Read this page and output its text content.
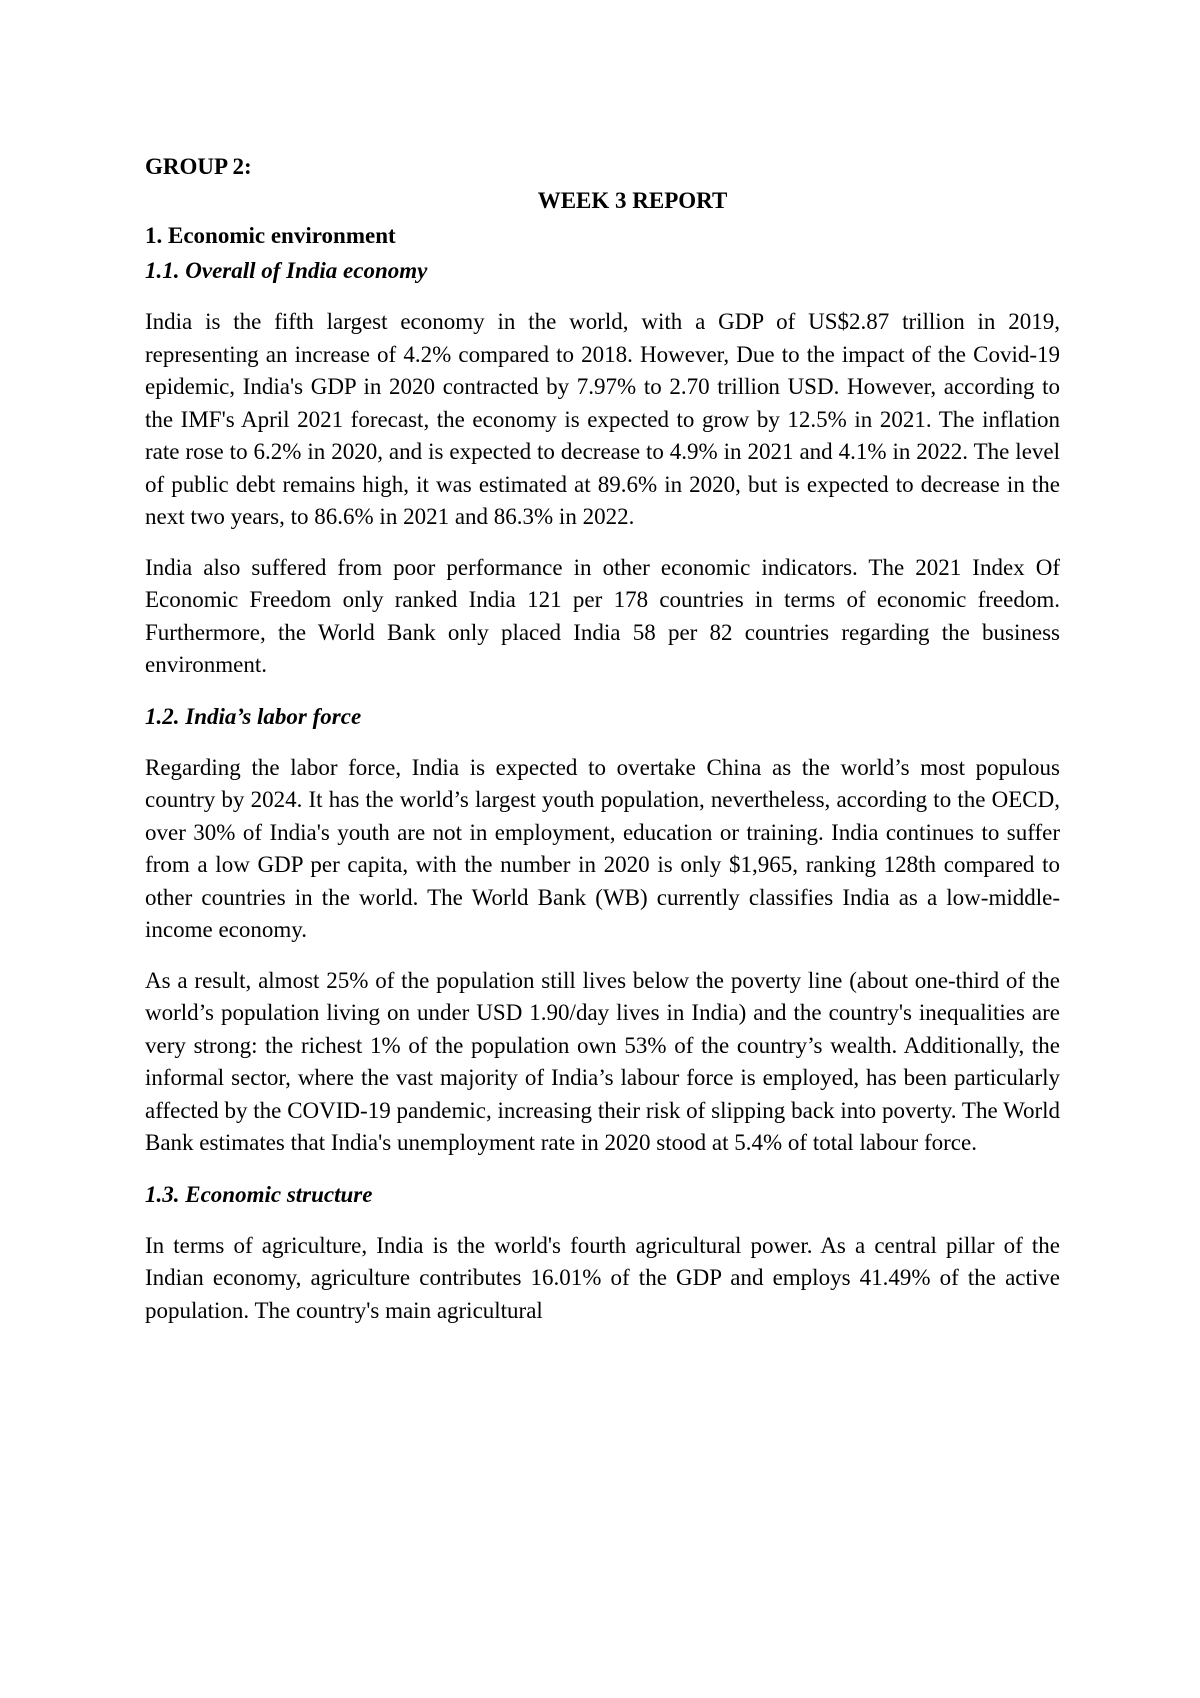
GROUP 2:

WEEK 3 REPORT

1. Economic environment

1.1. Overall of India economy

India is the fifth largest economy in the world, with a GDP of US$2.87 trillion in 2019, representing an increase of 4.2% compared to 2018. However, Due to the impact of the Covid-19 epidemic, India's GDP in 2020 contracted by 7.97% to 2.70 trillion USD. However, according to the IMF's April 2021 forecast, the economy is expected to grow by 12.5% in 2021. The inflation rate rose to 6.2% in 2020, and is expected to decrease to 4.9% in 2021 and 4.1% in 2022. The level of public debt remains high, it was estimated at 89.6% in 2020, but is expected to decrease in the next two years, to 86.6% in 2021 and 86.3% in 2022.

India also suffered from poor performance in other economic indicators. The 2021 Index Of Economic Freedom only ranked India 121 per 178 countries in terms of economic freedom. Furthermore, the World Bank only placed India 58 per 82 countries regarding the business environment.

1.2. India’s labor force

Regarding the labor force, India is expected to overtake China as the world’s most populous country by 2024. It has the world’s largest youth population, nevertheless, according to the OECD, over 30% of India's youth are not in employment, education or training. India continues to suffer from a low GDP per capita, with the number in 2020 is only $1,965, ranking 128th compared to other countries in the world. The World Bank (WB) currently classifies India as a low-middle-income economy.

As a result, almost 25% of the population still lives below the poverty line (about one-third of the world’s population living on under USD 1.90/day lives in India) and the country's inequalities are very strong: the richest 1% of the population own 53% of the country’s wealth. Additionally, the informal sector, where the vast majority of India’s labour force is employed, has been particularly affected by the COVID-19 pandemic, increasing their risk of slipping back into poverty. The World Bank estimates that India's unemployment rate in 2020 stood at 5.4% of total labour force.

1.3. Economic structure

In terms of agriculture, India is the world's fourth agricultural power. As a central pillar of the Indian economy, agriculture contributes 16.01% of the GDP and employs 41.49% of the active population. The country's main agricultural
